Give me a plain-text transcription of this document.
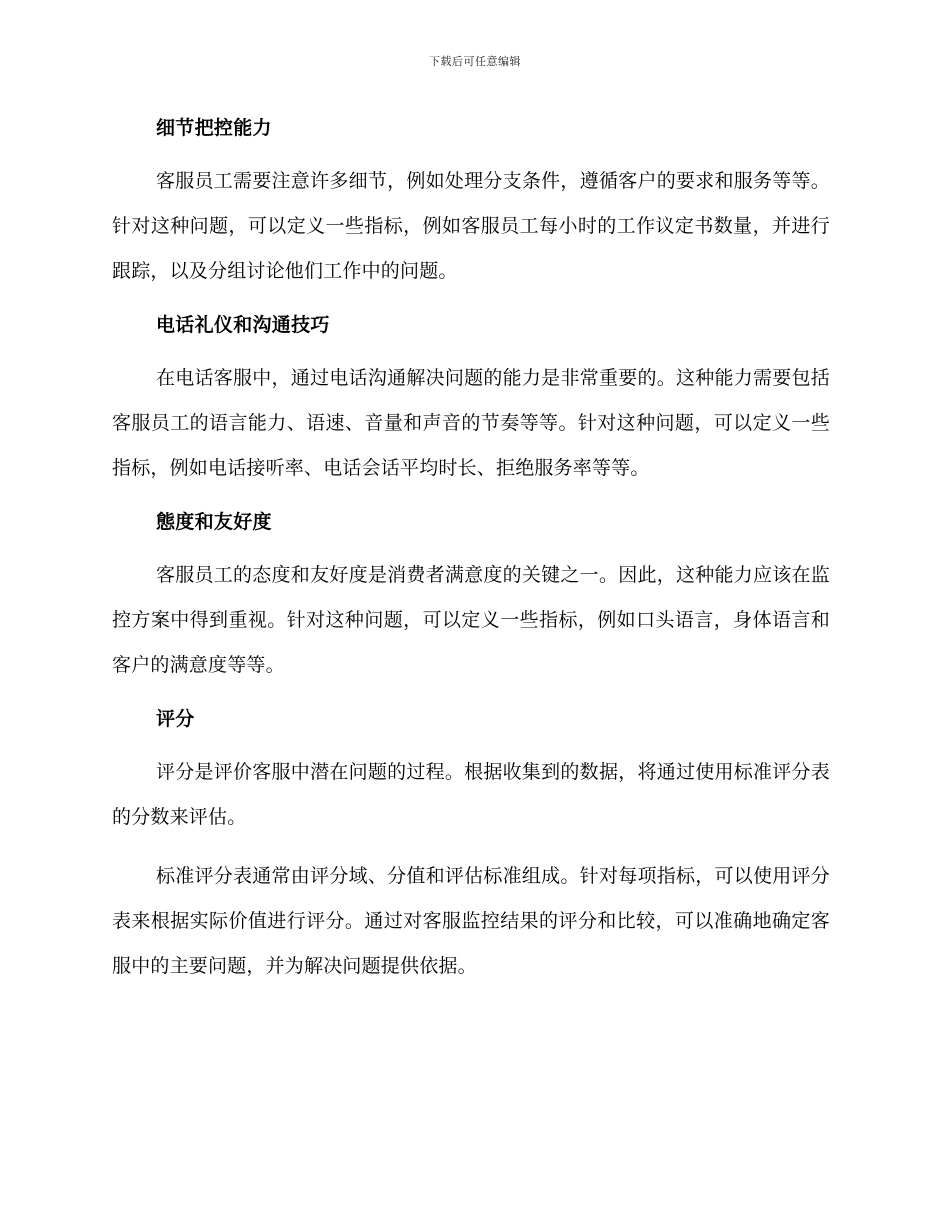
下载后可任意编辑
细节把控能力

客服员工需要注意许多细节，例如处理分支条件，遵循客户的要求和服务等等。针对这种问题，可以定义一些指标，例如客服员工每小时的工作议定书数量，并进行跟踪，以及分组讨论他们工作中的问题。

电话礼仪和沟通技巧

在电话客服中，通过电话沟通解决问题的能力是非常重要的。这种能力需要包括客服员工的语言能力、语速、音量和声音的节奏等等。针对这种问题，可以定义一些指标，例如电话接听率、电话会话平均时长、拒绝服务率等等。

態度和友好度

客服员工的态度和友好度是消费者满意度的关键之一。因此，这种能力应该在监控方案中得到重视。针对这种问题，可以定义一些指标，例如口头语言，身体语言和客户的满意度等等。

评分

评分是评价客服中潜在问题的过程。根据收集到的数据，将通过使用标准评分表的分数来评估。

标准评分表通常由评分域、分值和评估标准组成。针对每项指标，可以使用评分表来根据实际价值进行评分。通过对客服监控结果的评分和比较，可以准确地确定客服中的主要问题，并为解决问题提供依据。
